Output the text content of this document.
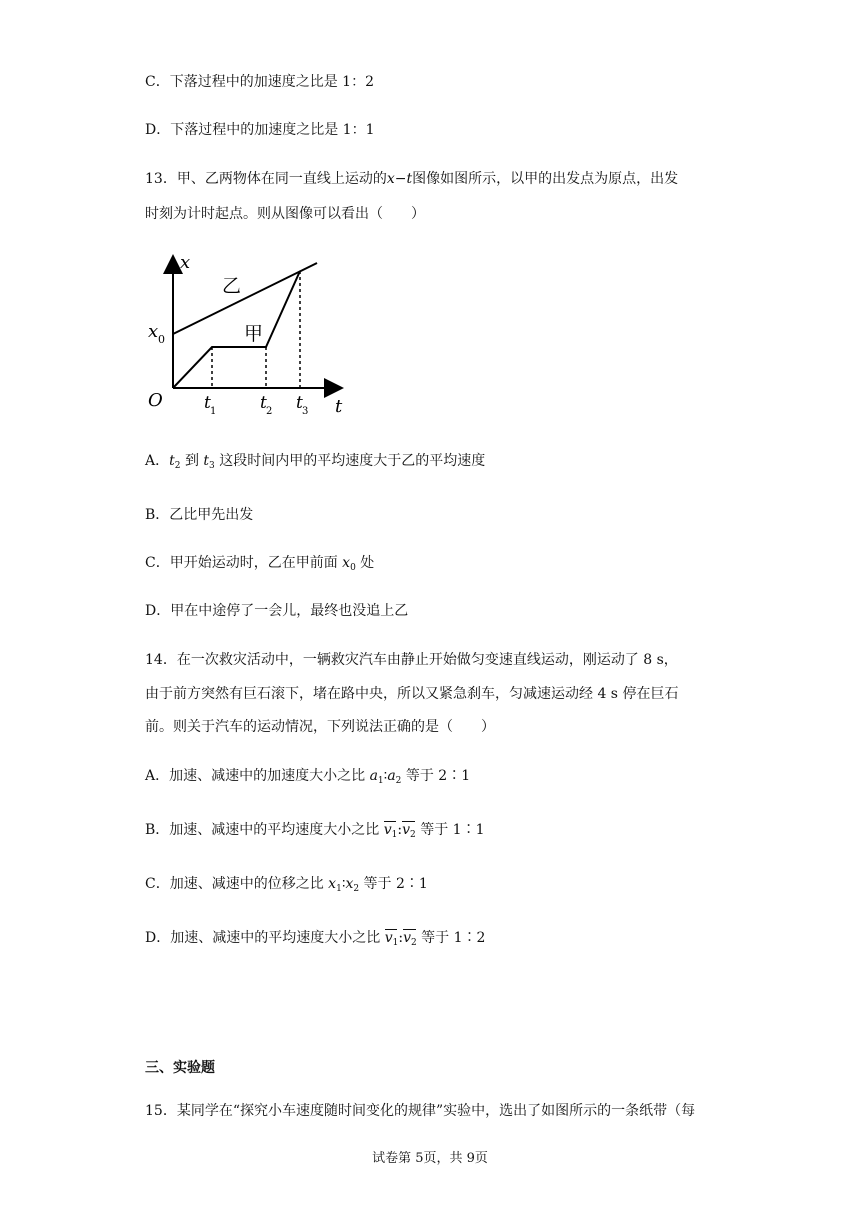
C．下落过程中的加速度之比是 1：2
D．下落过程中的加速度之比是 1：1
13．甲、乙两物体在同一直线上运动的x−t图像如图所示，以甲的出发点为原点，出发
时刻为计时起点。则从图像可以看出（　　）
x
t
O
x 0
乙
甲
t 1	t 2 t 3
A．$t_2$ 到 $t_3$ 这段时间内甲的平均速度大于乙的平均速度
B．乙比甲先出发
C．甲开始运动时，乙在甲前面 $x_0$ 处
D．甲在中途停了一会儿，最终也没追上乙
14．在一次救灾活动中，一辆救灾汽车由静止开始做匀变速直线运动，刚运动了 8 s，
由于前方突然有巨石滚下，堵在路中央，所以又紧急刹车，匀减速运动经 4 s 停在巨石
前。则关于汽车的运动情况，下列说法正确的是（　　）
A．加速、减速中的加速度大小之比 $a_1∶a_2$ 等于 2∶1
B．加速、减速中的平均速度大小之比
$v_1$:
$v_2$ 等于 1∶1
C．加速、减速中的位移之比 $x_1∶x_2$ 等于 2∶1
D．加速、减速中的平均速度大小之比
$v_1$:
$v_2$ 等于 1∶2
三、实验题
15．某同学在“探究小车速度随时间变化的规律”实验中，选出了如图所示的一条纸带（每
试卷第 5页，共 9页
